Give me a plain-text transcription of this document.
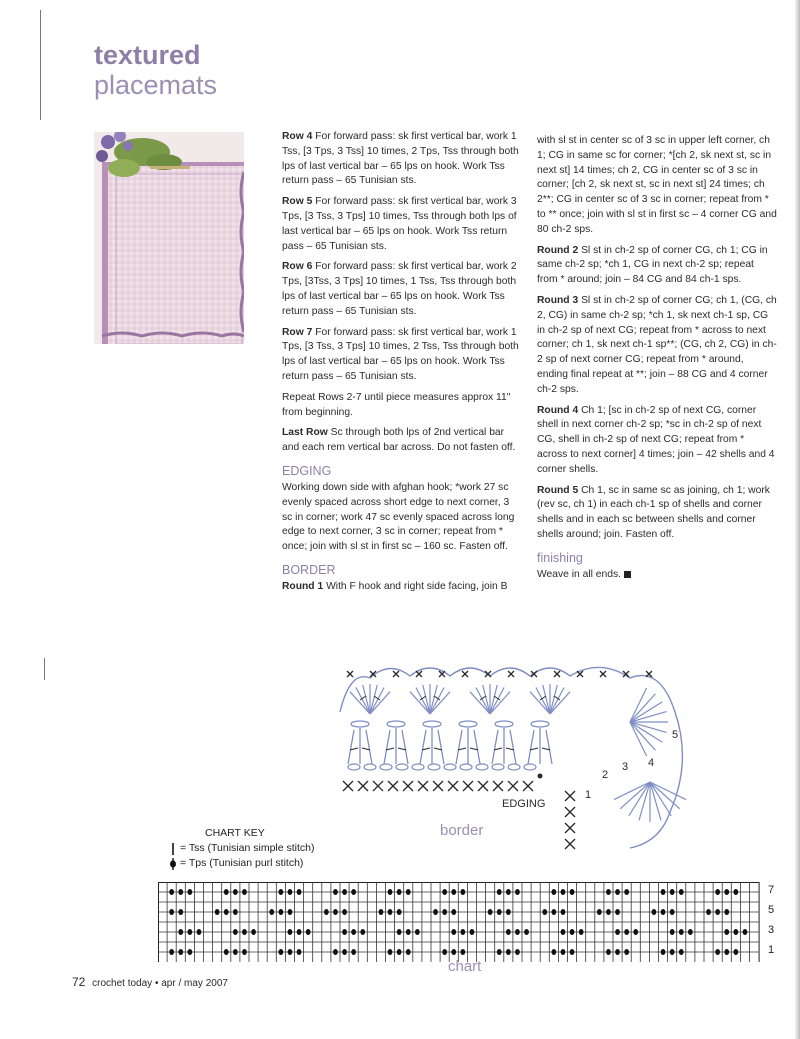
textured
placemats

Row 4 For forward pass: sk first vertical bar, work 1 Tss, [3 Tps, 3 Tss] 10 times, 2 Tps, Tss through both lps of last vertical bar – 65 lps on hook. Work Tss return pass – 65 Tunisian sts.

Row 5 For forward pass: sk first vertical bar, work 3 Tps, [3 Tss, 3 Tps] 10 times, Tss through both lps of last vertical bar – 65 lps on hook. Work Tss return pass – 65 Tunisian sts.

Row 6 For forward pass: sk first vertical bar, work 2 Tps, [3Tss, 3 Tps] 10 times, 1 Tss, Tss through both lps of last vertical bar – 65 lps on hook. Work Tss return pass – 65 Tunisian sts.

Row 7 For forward pass: sk first vertical bar, work 1 Tps, [3 Tss, 3 Tps] 10 times, 2 Tss, Tss through both lps of last vertical bar – 65 lps on hook. Work Tss return pass – 65 Tunisian sts.

Repeat Rows 2-7 until piece measures approx 11" from beginning.

Last Row Sc through both lps of 2nd vertical bar and each rem vertical bar across. Do not fasten off.

EDGING

Working down side with afghan hook; *work 27 sc evenly spaced across short edge to next corner, 3 sc in corner; work 47 sc evenly spaced across long edge to next corner, 3 sc in corner; repeat from * once; join with sl st in first sc – 160 sc. Fasten off.

BORDER

Round 1 With F hook and right side facing, join B

with sl st in center sc of 3 sc in upper left corner, ch 1; CG in same sc for corner; *[ch 2, sk next st, sc in next st] 14 times; ch 2, CG in center sc of 3 sc in corner; [ch 2, sk next st, sc in next st] 24 times; ch 2**; CG in center sc of 3 sc in corner; repeat from * to ** once; join with sl st in first sc – 4 corner CG and 80 ch-2 sps.

Round 2 Sl st in ch-2 sp of corner CG, ch 1; CG in same ch-2 sp; *ch 1, CG in next ch-2 sp; repeat from * around; join – 84 CG and 84 ch-1 sps.

Round 3 Sl st in ch-2 sp of corner CG; ch 1, (CG, ch 2, CG) in same ch-2 sp; *ch 1, sk next ch-1 sp, CG in ch-2 sp of next CG; repeat from * across to next corner; ch 1, sk next ch-1 sp**; (CG, ch 2, CG) in ch-2 sp of next corner CG; repeat from * around, ending final repeat at **; join – 88 CG and 4 corner ch-2 sps.

Round 4 Ch 1; [sc in ch-2 sp of next CG, corner shell in next corner ch-2 sp; *sc in ch-2 sp of next CG, shell in ch-2 sp of next CG; repeat from * across to next corner] 4 times; join – 42 shells and 4 corner shells.

Round 5 Ch 1, sc in same sc as joining, ch 1; work (rev sc, ch 1) in each ch-1 sp of shells and corner shells and in each sc between shells and corner shells around; join. Fasten off.

finishing

Weave in all ends.

1
2
3 4
5
EDGING
border
CHART KEY
= Tss (Tunisian simple stitch)
= Tps (Tunisian purl stitch)
7
5
3
1
chart
72 crochet today • apr / may 2007
